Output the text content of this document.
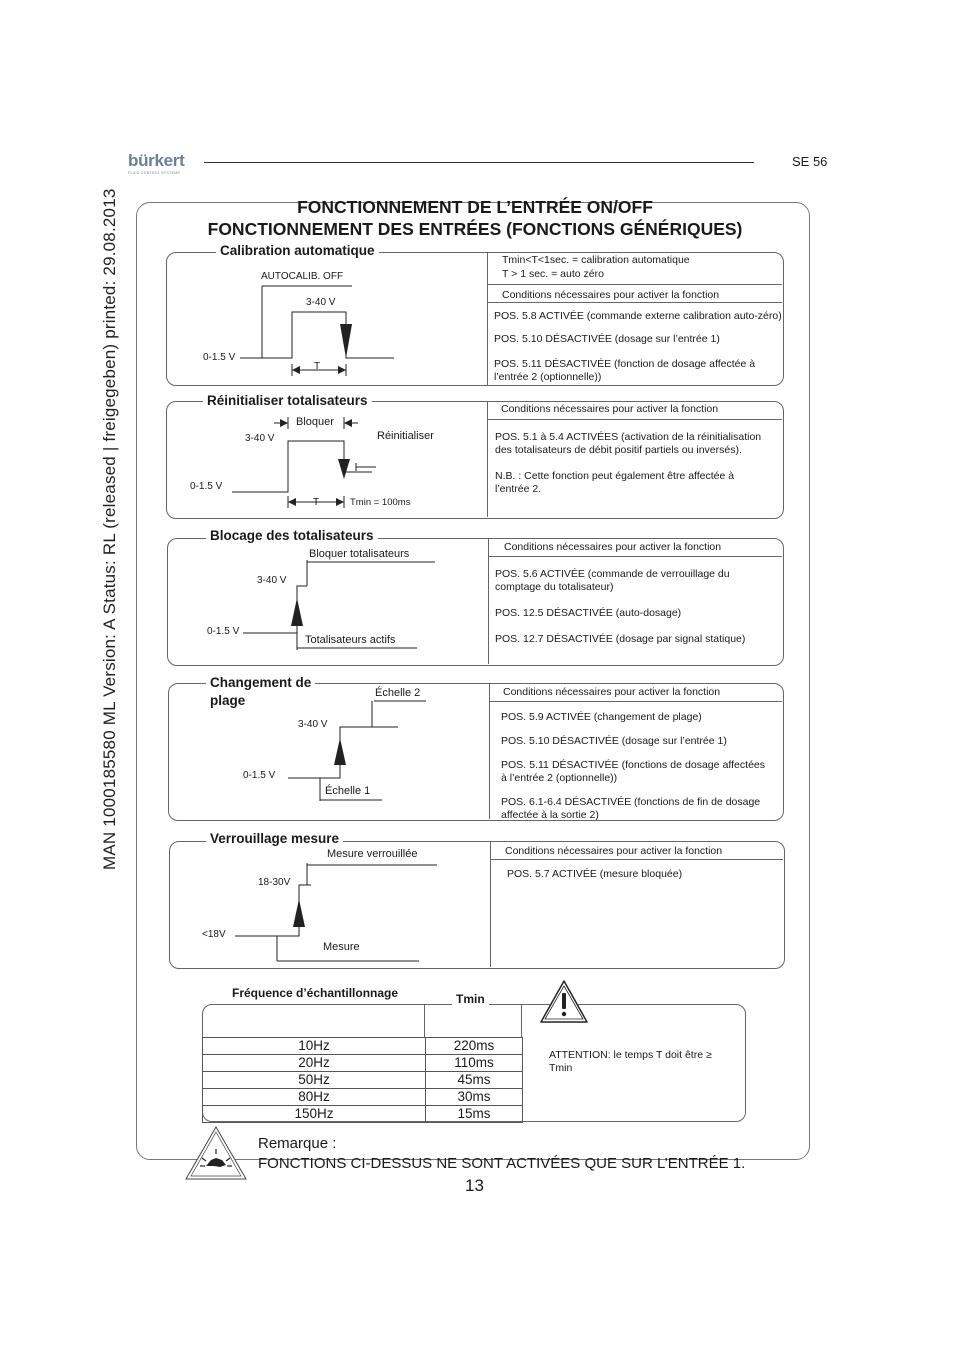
MAN 1000185580 ML Version: A Status: RL (released | freigegeben) printed: 29.08.2013
bürkert
FLUID CONTROL SYSTEMS
SE 56
FONCTIONNEMENT DE L’ENTRÉE ON/OFF
FONCTIONNEMENT DES ENTRÉES (FONCTIONS GÉNÉRIQUES)
Calibration automatique
Tmin<T<1sec. = calibration automatique
T > 1 sec. = auto zéro
Conditions nécessaires pour activer la fonction
POS. 5.8 ACTIVÉE (commande externe calibration auto-zéro)
POS. 5.10 DÉSACTIVÉE (dosage sur l’entrée 1)
POS. 5.11 DÉSACTIVÉE (fonction de dosage affectée à l’entrée 2 (optionnelle))
AUTOCALIB. OFF
3-40 V
0-1.5 V
T
Réinitialiser totalisateurs
Conditions nécessaires pour activer la fonction
POS. 5.1 à 5.4 ACTIVÉES (activation de la réinitialisation des totalisateurs de débit positif partiels ou inversés).
N.B. : Cette fonction peut également être affectée à l’entrée 2.
Bloquer
Réinitialiser
3-40 V
0-1.5 V
T	Tmin = 100ms
Blocage des totalisateurs
Conditions nécessaires pour activer la fonction
POS. 5.6 ACTIVÉE (commande de verrouillage du comptage du totalisateur)
POS. 12.5 DÉSACTIVÉE (auto-dosage)
POS. 12.7 DÉSACTIVÉE (dosage par signal statique)
Bloquer totalisateurs
Totalisateurs actifs
3-40 V
0-1.5 V
Changement de
plage
Conditions nécessaires pour activer la fonction
POS. 5.9 ACTIVÉE (changement de plage)
POS. 5.10 DÉSACTIVÉE (dosage sur l’entrée 1)
POS. 5.11 DÉSACTIVÉE (fonctions de dosage affectées à l’entrée 2 (optionnelle))
POS. 6.1-6.4 DÉSACTIVÉE (fonctions de fin de dosage affectée à la sortie 2)
Échelle 2
Échelle 1
3-40 V
0-1.5 V
Verrouillage mesure
Conditions nécessaires pour activer la fonction
POS. 5.7 ACTIVÉE (mesure bloquée)
Mesure verrouillée
Mesure
18-30V
<18V
Fréquence d’échantillonnage	Tmin
10Hz	220ms
20Hz	110ms
50Hz	45ms
80Hz	30ms
150Hz	15ms
ATTENTION: le temps T doit être ≥ Tmin
Remarque :
FONCTIONS CI-DESSUS NE SONT ACTIVÉES QUE SUR L’ENTRÉE 1.
13
